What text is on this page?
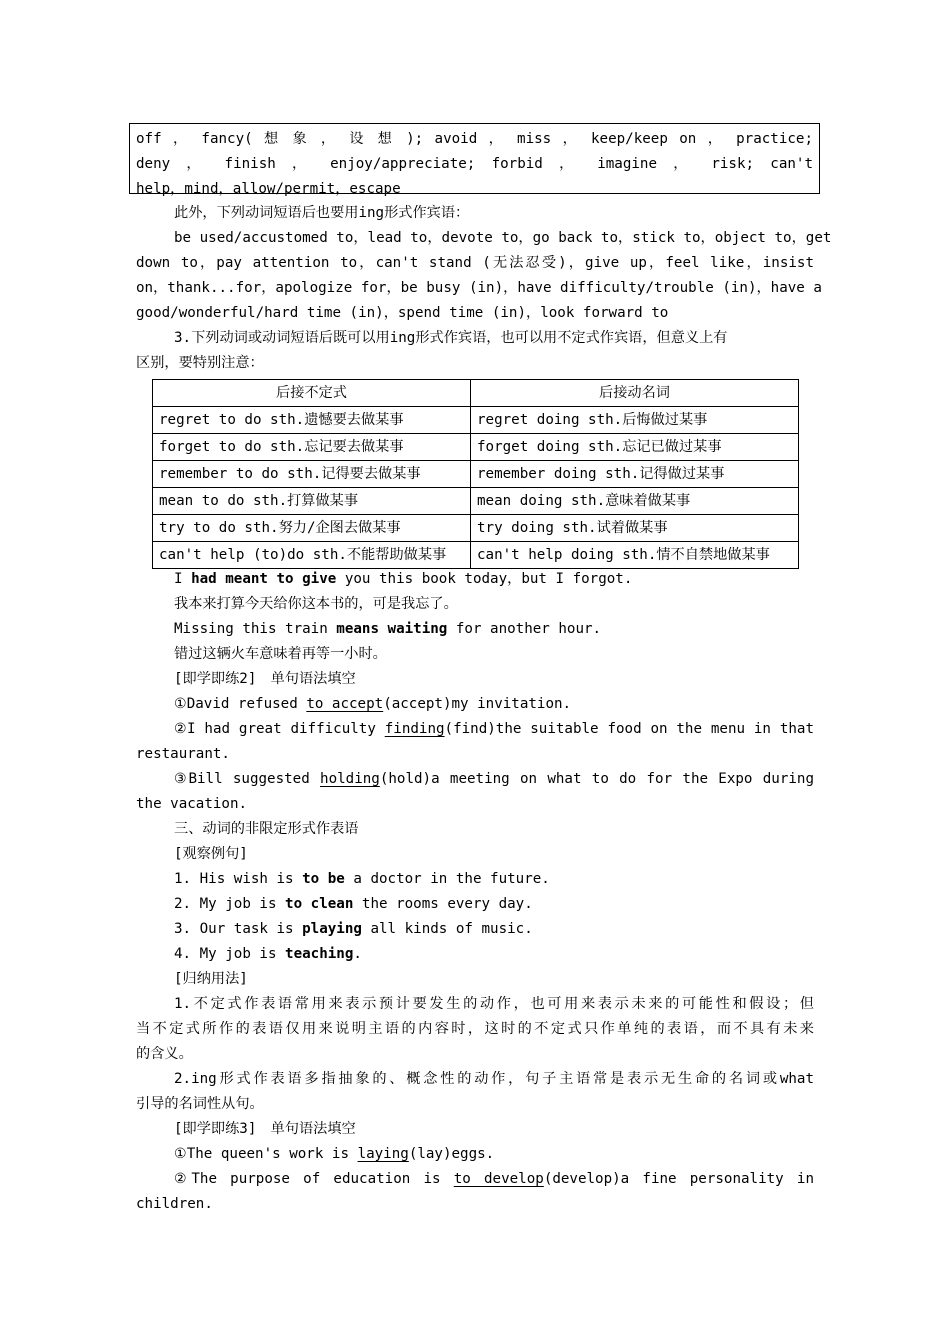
off ， fancy( 想 象 ， 设 想 ); avoid ， miss ， keep/keep on ， practice;
deny ， finish ， enjoy/appreciate; forbid ， imagine ， risk; can't
help，mind，allow/permit，escape
此外，下列动词短语后也要用ing形式作宾语：
be used/accustomed to，lead to，devote to，go back to，stick to，object to，get
down to，pay attention to，can't stand (无法忍受)，give up，feel like，insist
on，thank...for，apologize for，be busy (in)，have difficulty/trouble (in)，have a
good/wonderful/hard time (in)，spend time (in)，look forward to
3.下列动词或动词短语后既可以用ing形式作宾语，也可以用不定式作宾语，但意义上有
区别，要特别注意：
后接不定式	后接动名词
regret to do sth.遗憾要去做某事	regret doing sth.后悔做过某事
forget to do sth.忘记要去做某事	forget doing sth.忘记已做过某事
remember to do sth.记得要去做某事	remember doing sth.记得做过某事
mean to do sth.打算做某事	mean doing sth.意味着做某事
try to do sth.努力/企图去做某事	try doing sth.试着做某事
can't help (to)do sth.不能帮助做某事	can't help doing sth.情不自禁地做某事
I had meant to give you this book today，but I forgot.
我本来打算今天给你这本书的，可是我忘了。
Missing this train means waiting for another hour.
错过这辆火车意味着再等一小时。
[即学即练2]　单句语法填空
①David refused to accept(accept)my invitation.
②I had great difficulty finding(find)the suitable food on the menu in that
restaurant.
③Bill suggested holding(hold)a meeting on what to do for the Expo during
the vacation.
三、动词的非限定形式作表语
[观察例句]
1. His wish is to be a doctor in the future.
2. My job is to clean the rooms every day.
3. Our task is playing all kinds of music.
4. My job is teaching.
[归纳用法]
1.不定式作表语常用来表示预计要发生的动作，也可用来表示未来的可能性和假设；但
当不定式所作的表语仅用来说明主语的内容时，这时的不定式只作单纯的表语，而不具有未来
的含义。
2.ing形式作表语多指抽象的、概念性的动作，句子主语常是表示无生命的名词或what
引导的名词性从句。
[即学即练3]　单句语法填空
①The queen's work is laying(lay)eggs.
②The purpose of education is to develop(develop)a fine personality in
children.
